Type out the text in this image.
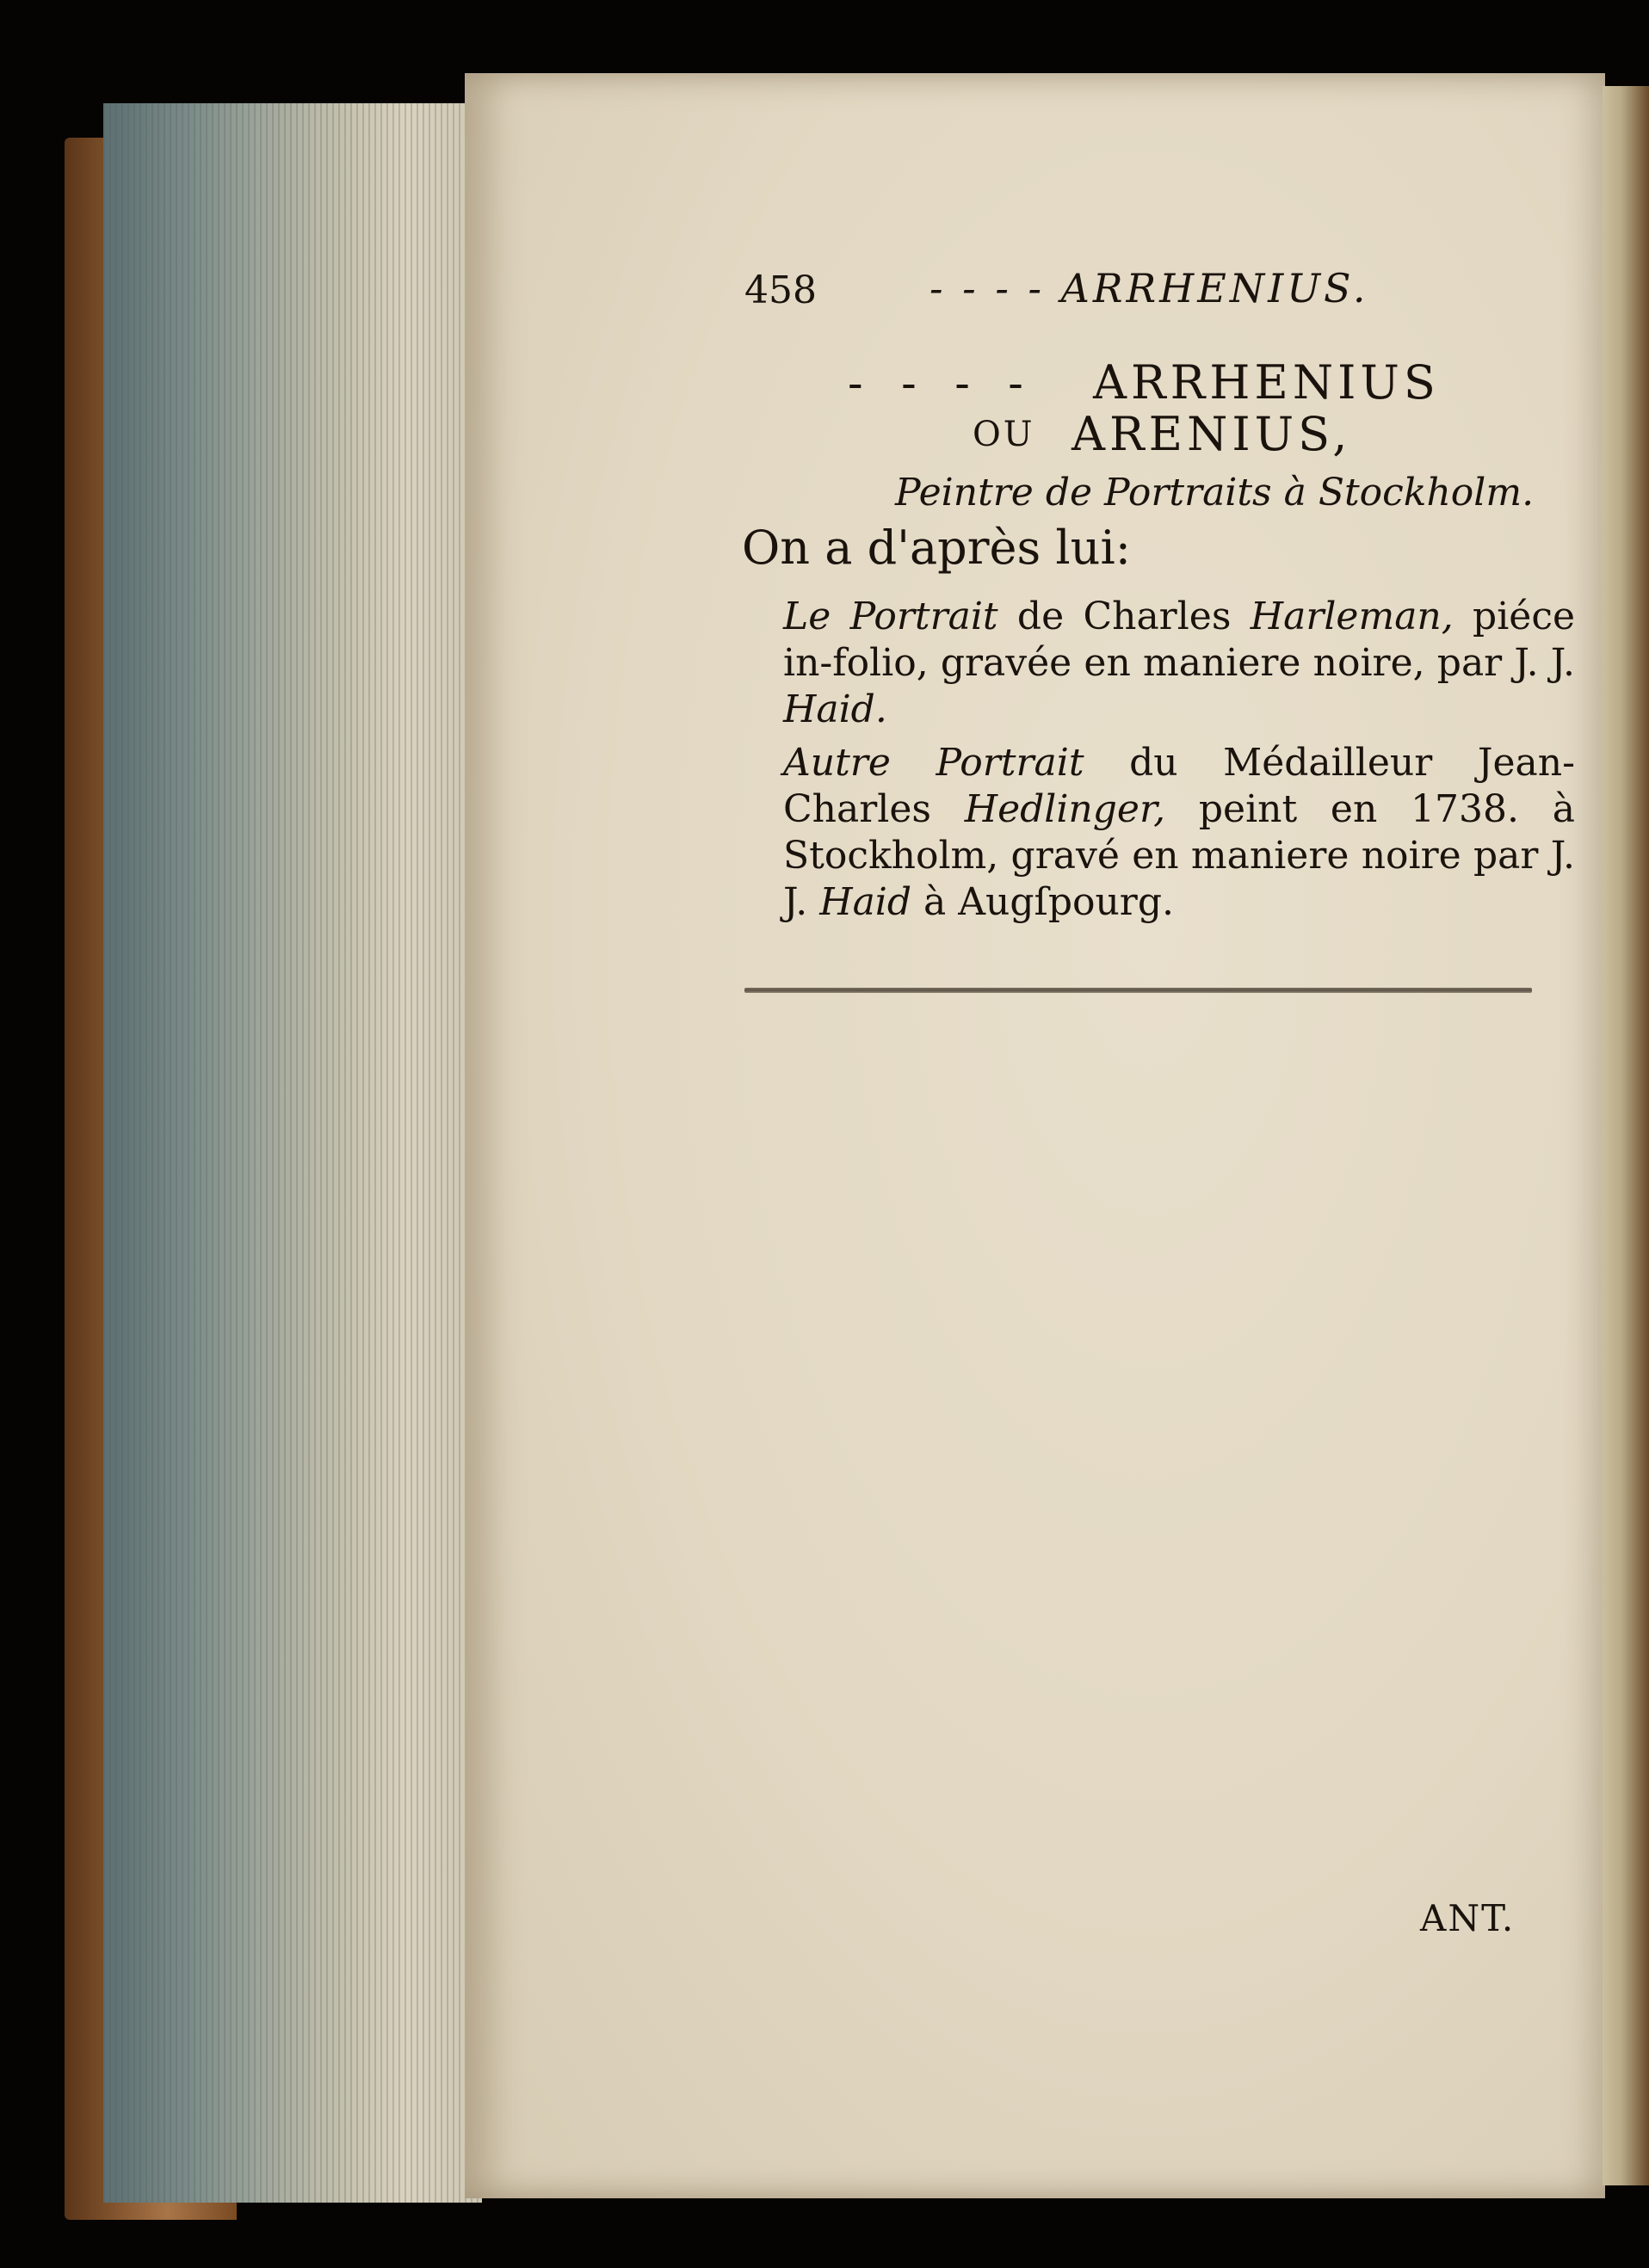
458	- - - - ARRHENIUS.
- - - - ARRHENIUS
OU ARENIUS,
Peintre de Portraits à Stockholm.
On a d'après lui:
Le Portrait de Charles Harleman, piéce in-folio, gravée en maniere noire, par J. J. Haid.
Autre Portrait du Médailleur Jean-Charles Hedlinger, peint en 1738. à Stockholm, gravé en maniere noire par J. J. Haid à Augſpourg.
ANT.
